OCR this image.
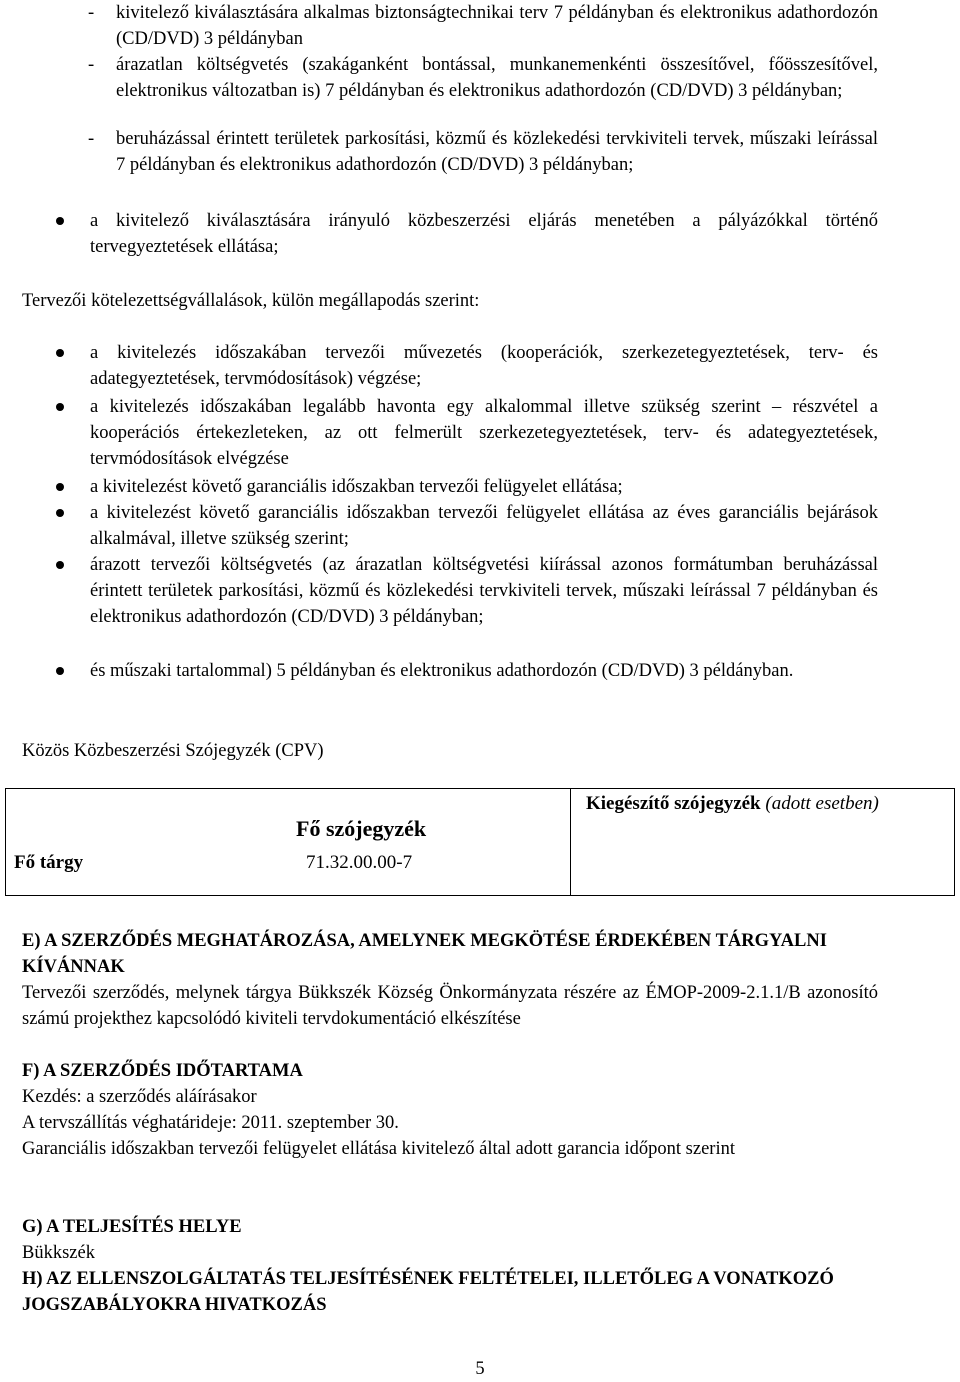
- kivitelező kiválasztására alkalmas biztonságtechnikai terv 7 példányban és elektronikus adathordozón (CD/DVD) 3 példányban
- árazatlan költségvetés (szakáganként bontással, munkanemenkénti összesítővel, főösszesítővel, elektronikus változatban is) 7 példányban és elektronikus adathordozón (CD/DVD) 3 példányban;
- beruházással érintett területek parkosítási, közmű és közlekedési tervkiviteli tervek, műszaki leírással 7 példányban és elektronikus adathordozón (CD/DVD) 3 példányban;
a kivitelező kiválasztására irányuló közbeszerzési eljárás menetében a pályázókkal történő tervegyeztetések ellátása;
Tervezői kötelezettségvállalások, külön megállapodás szerint:
a kivitelezés időszakában tervezői művezetés (kooperációk, szerkezetegyeztetések, terv- és adategyeztetések, tervmódosítások) végzése;
a kivitelezés időszakában legalább havonta egy alkalommal illetve szükség szerint – részvétel a kooperációs értekezleteken, az ott felmerült szerkezetegyeztetések, terv- és adategyeztetések, tervmódosítások elvégzése
a kivitelezést követő garanciális időszakban tervezői felügyelet ellátása;
a kivitelezést követő garanciális időszakban tervezői felügyelet ellátása az éves garanciális bejárások alkalmával, illetve szükség szerint;
árazott tervezői költségvetés (az árazatlan költségvetési kiírással azonos formátumban beruházással érintett területek parkosítási, közmű és közlekedési tervkiviteli tervek, műszaki leírással 7 példányban és elektronikus adathordozón (CD/DVD) 3 példányban;
és műszaki tartalommal) 5 példányban és elektronikus adathordozón (CD/DVD) 3 példányban.
Közös Közbeszerzési Szójegyzék (CPV)
Fő szójegyzék
Fő tárgy	71.32.00.00-7
Kiegészítő szójegyzék (adott esetben)
E) A SZERZŐDÉS MEGHATÁROZÁSA, AMELYNEK MEGKÖTÉSE ÉRDEKÉBEN TÁRGYALNI KÍVÁNNAK
Tervezői szerződés, melynek tárgya Bükkszék Község Önkormányzata részére az ÉMOP-2009-2.1.1/B azonosító számú projekthez kapcsolódó kiviteli tervdokumentáció elkészítése
F) A SZERZŐDÉS IDŐTARTAMA
Kezdés: a szerződés aláírásakor
A tervszállítás véghatárideje: 2011. szeptember 30.
Garanciális időszakban tervezői felügyelet ellátása kivitelező által adott garancia időpont szerint
G) A TELJESÍTÉS HELYE
Bükkszék
H) AZ ELLENSZOLGÁLTATÁS TELJESÍTÉSÉNEK FELTÉTELEI, ILLETŐLEG A VONATKOZÓ JOGSZABÁLYOKRA HIVATKOZÁS
5
